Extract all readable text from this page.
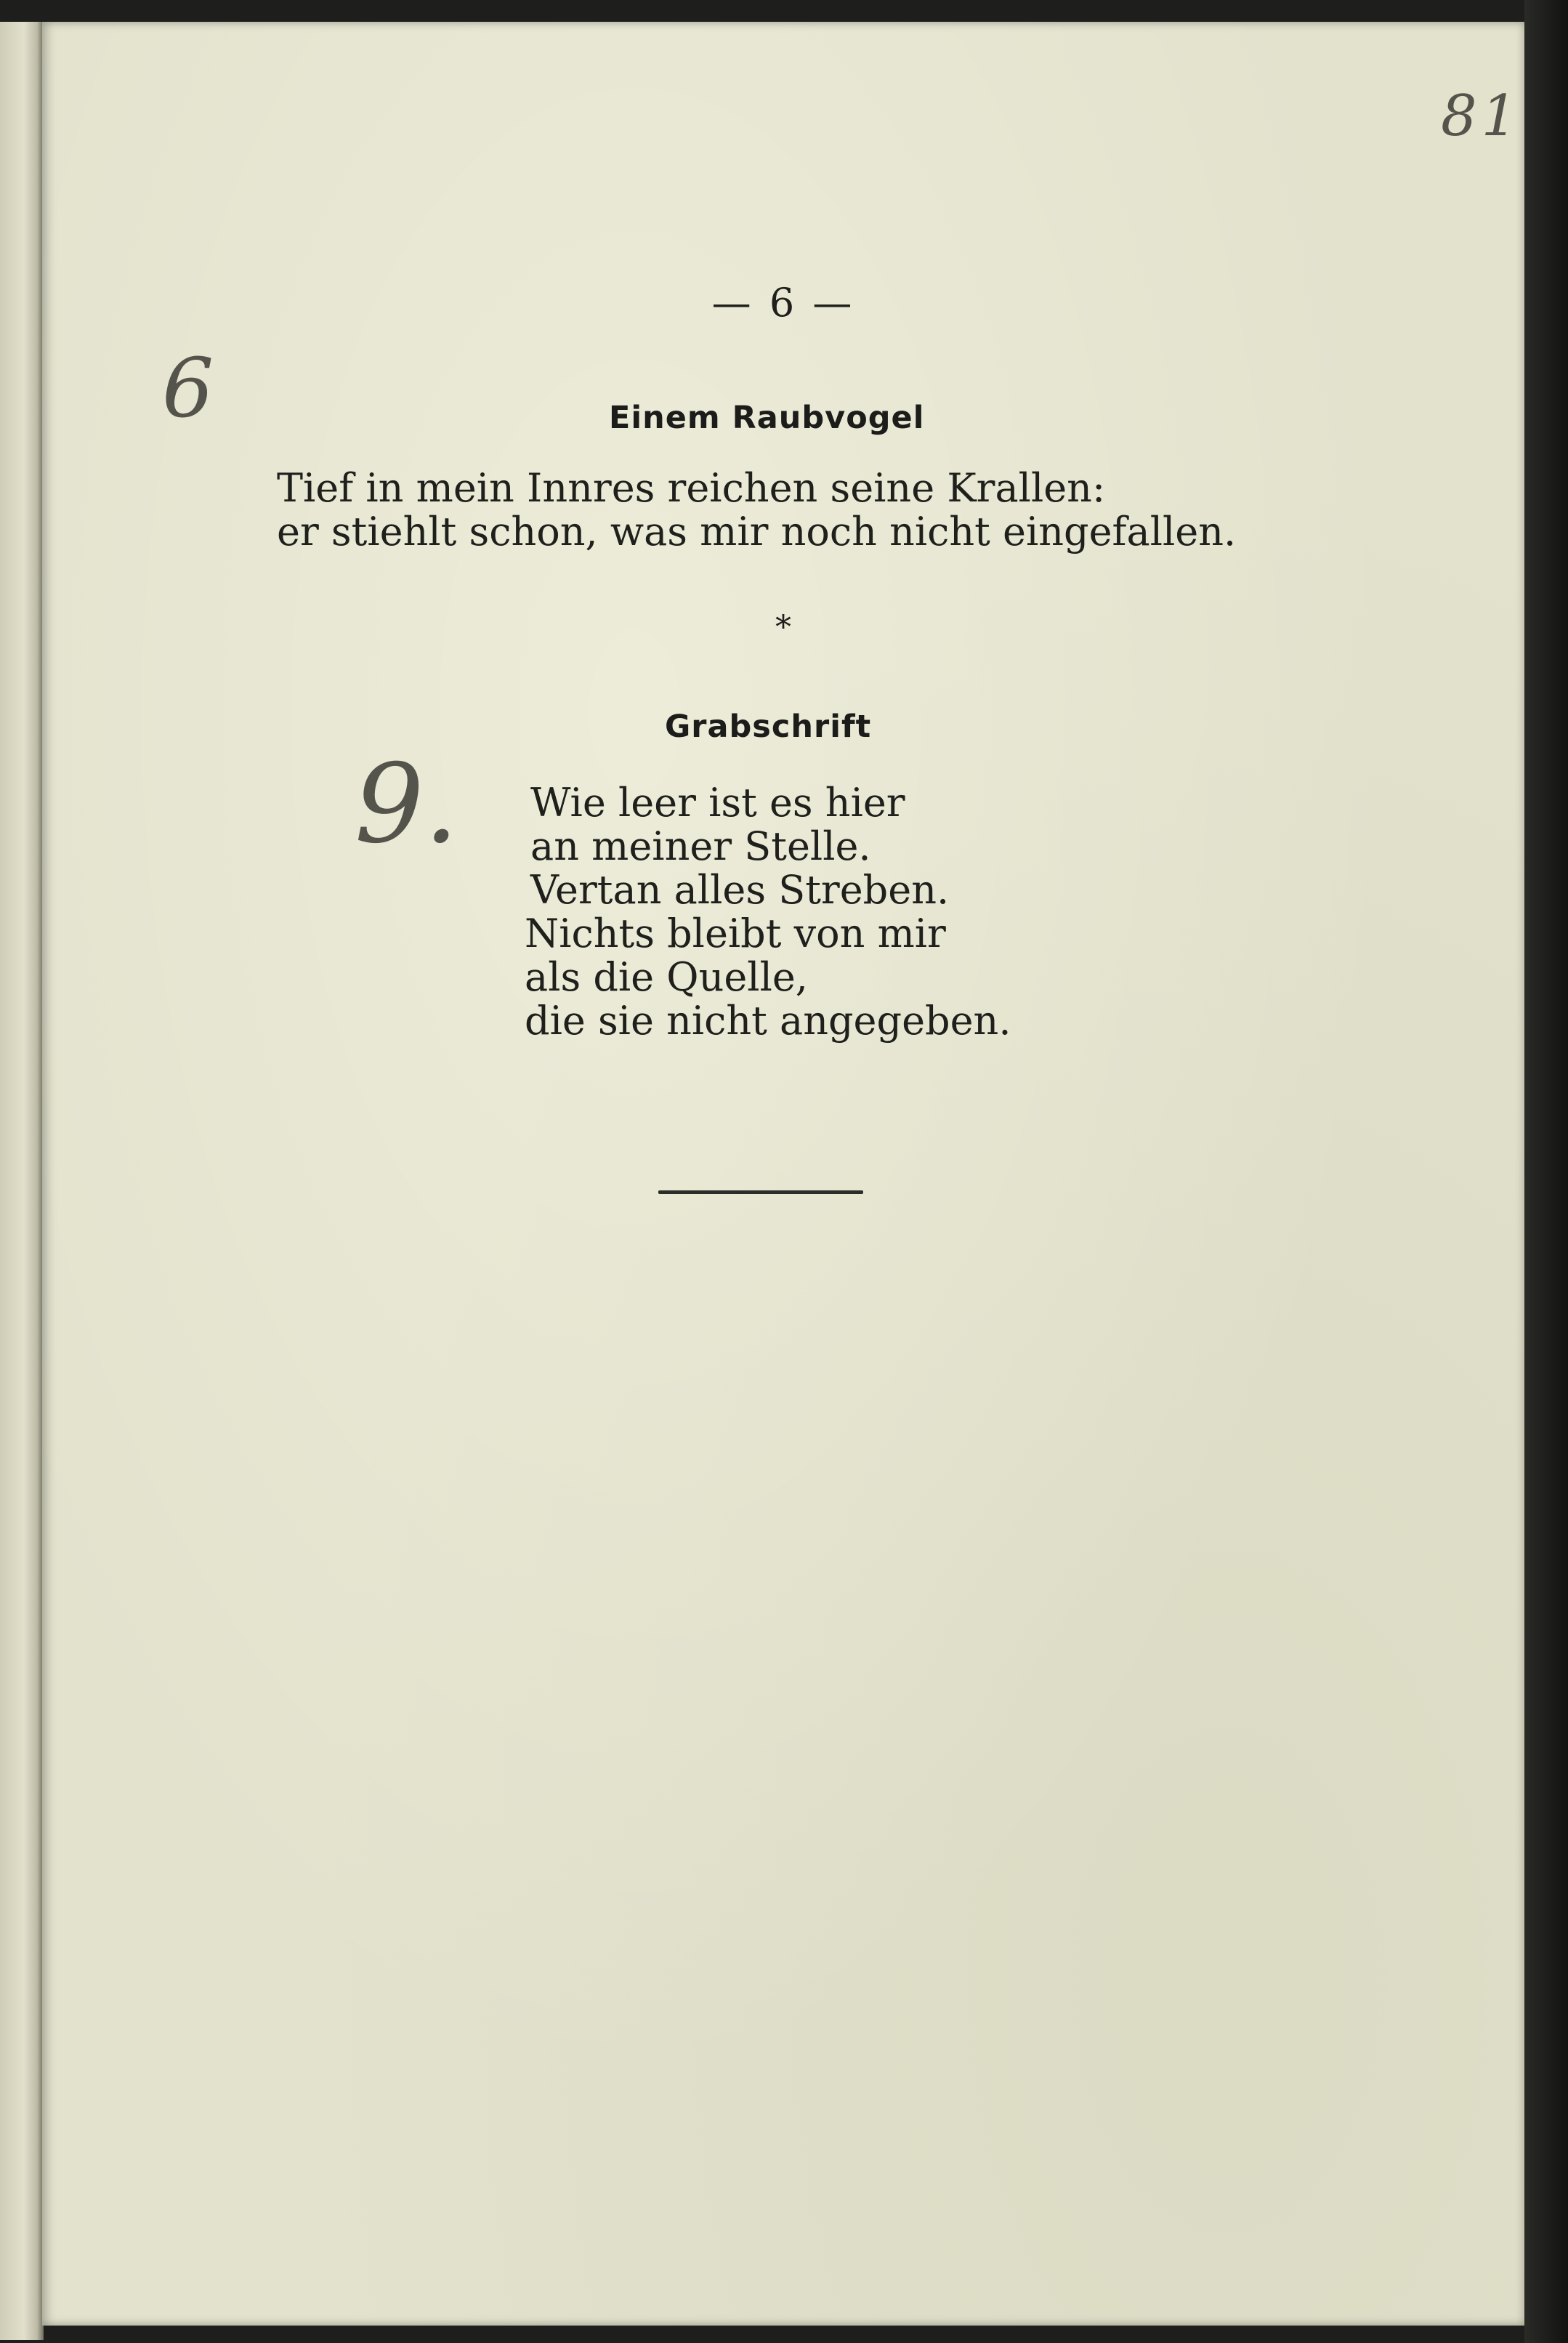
81
6
9.
— 6 —
Einem Raubvogel
Tief in mein Innres reichen seine Krallen:
er stiehlt schon, was mir noch nicht eingefallen.
*
Grabschrift
Wie leer ist es hier
an meiner Stelle.
Vertan alles Streben.
Nichts bleibt von mir
als die Quelle,
die sie nicht angegeben.
